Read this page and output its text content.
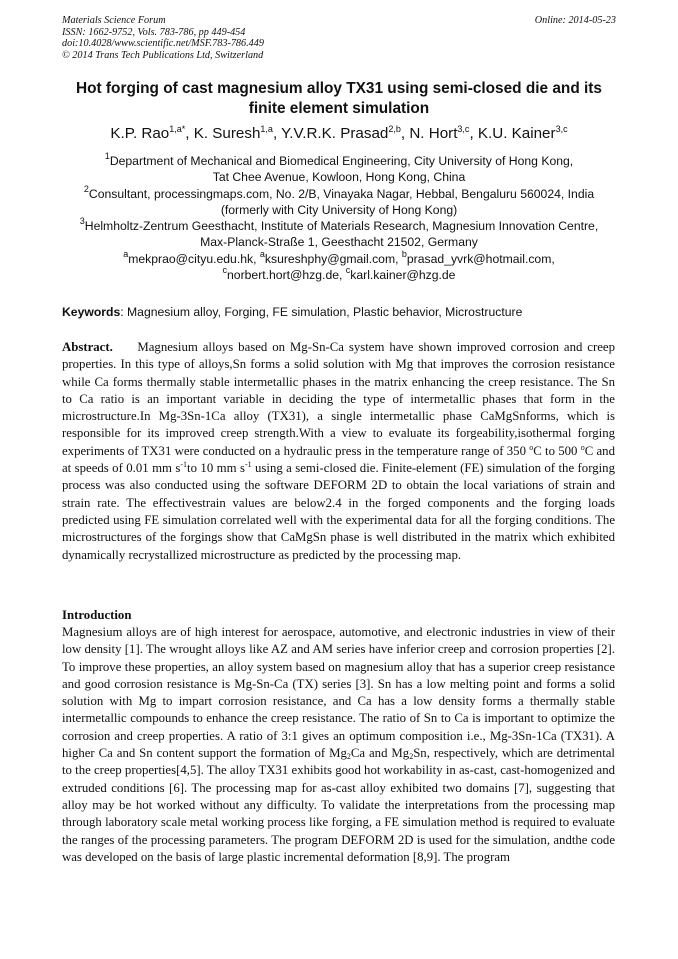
Materials Science Forum
ISSN: 1662-9752, Vols. 783-786, pp 449-454
doi:10.4028/www.scientific.net/MSF.783-786.449
© 2014 Trans Tech Publications Ltd, Switzerland
Online: 2014-05-23
Hot forging of cast magnesium alloy TX31 using semi-closed die and its
finite element simulation
K.P. Rao$^{1,a*}$, K. Suresh$^{1,a}$, Y.V.R.K. Prasad$^{2,b}$, N. Hort$^{3,c}$, K.U. Kainer$^{3,c}$
$^1$Department of Mechanical and Biomedical Engineering, City University of Hong Kong,
Tat Chee Avenue, Kowloon, Hong Kong, China
$^2$Consultant, processingmaps.com, No. 2/B, Vinayaka Nagar, Hebbal, Bengaluru 560024, India
(formerly with City University of Hong Kong)
$^3$Helmholtz-Zentrum Geesthacht, Institute of Materials Research, Magnesium Innovation Centre,
Max-Planck-Straße 1, Geesthacht 21502, Germany
$^a$mekprao@cityu.edu.hk, $^a$ksureshphy@gmail.com, $^b$prasad_yvrk@hotmail.com,
$^c$norbert.hort@hzg.de, $^c$karl.kainer@hzg.de
Keywords: Magnesium alloy, Forging, FE simulation, Plastic behavior, Microstructure
Abstract. Magnesium alloys based on Mg-Sn-Ca system have shown improved corrosion and creep properties. In this type of alloys,Sn forms a solid solution with Mg that improves the corrosion resistance while Ca forms thermally stable intermetallic phases in the matrix enhancing the creep resistance. The Sn to Ca ratio is an important variable in deciding the type of intermetallic phases that form in the microstructure.In Mg-3Sn-1Ca alloy (TX31), a single intermetallic phase CaMgSnforms, which is responsible for its improved creep strength.With a view to evaluate its forgeability,isothermal forging experiments of TX31 were conducted on a hydraulic press in the temperature range of 350 $^o$C to 500 $^o$C and at speeds of 0.01 mm $s^{-1}to$ 10 mm $s^{-1}$ using a semi-closed die. Finite-element (FE) simulation of the forging process was also conducted using the software DEFORM 2D to obtain the local variations of strain and strain rate. The effectivestrain values are below2.4 in the forged components and the forging loads predicted using FE simulation correlated well with the experimental data for all the forging conditions. The microstructures of the forgings show that CaMgSn phase is well distributed in the matrix which exhibited dynamically recrystallized microstructure as predicted by the processing map.
Introduction
Magnesium alloys are of high interest for aerospace, automotive, and electronic industries in view of their low density [1]. The wrought alloys like AZ and AM series have inferior creep and corrosion properties [2]. To improve these properties, an alloy system based on magnesium alloy that has a superior creep resistance and good corrosion resistance is Mg-Sn-Ca (TX) series [3]. Sn has a low melting point and forms a solid solution with Mg to impart corrosion resistance, and Ca has a low density forms a thermally stable intermetallic compounds to enhance the creep resistance. The ratio of Sn to Ca is important to optimize the corrosion and creep properties. A ratio of 3:1 gives an optimum composition i.e., Mg-3Sn-1Ca (TX31). A higher Ca and Sn content support the formation of $Mg_2Ca$ and $Mg_2Sn$, respectively, which are detrimental to the creep properties[4,5]. The alloy TX31 exhibits good hot workability in as-cast, cast-homogenized and extruded conditions [6]. The processing map for as-cast alloy exhibited two domains [7], suggesting that alloy may be hot worked without any difficulty. To validate the interpretations from the processing map through laboratory scale metal working process like forging, a FE simulation method is required to evaluate the ranges of the processing parameters. The program DEFORM 2D is used for the simulation, andthe code was developed on the basis of large plastic incremental deformation [8,9]. The program
